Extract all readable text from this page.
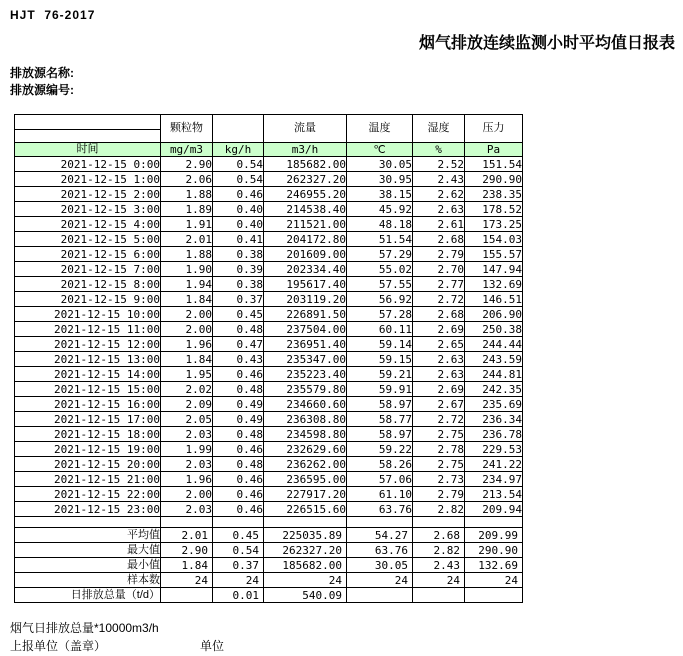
HJT  76-2017
烟气排放连续监测小时平均值日报表
排放源名称:
排放源编号:
	颗粒物		流量	温度	湿度	压力

时间	mg/m3	kg/h	m3/h	℃	%	Pa
2021-12-15 0:00	2.90	0.54	185682.00	30.05	2.52	151.54
2021-12-15 1:00	2.06	0.54	262327.20	30.95	2.43	290.90
2021-12-15 2:00	1.88	0.46	246955.20	38.15	2.62	238.35
2021-12-15 3:00	1.89	0.40	214538.40	45.92	2.63	178.52
2021-12-15 4:00	1.91	0.40	211521.00	48.18	2.61	173.25
2021-12-15 5:00	2.01	0.41	204172.80	51.54	2.68	154.03
2021-12-15 6:00	1.88	0.38	201609.00	57.29	2.79	155.57
2021-12-15 7:00	1.90	0.39	202334.40	55.02	2.70	147.94
2021-12-15 8:00	1.94	0.38	195617.40	57.55	2.77	132.69
2021-12-15 9:00	1.84	0.37	203119.20	56.92	2.72	146.51
2021-12-15 10:00	2.00	0.45	226891.50	57.28	2.68	206.90
2021-12-15 11:00	2.00	0.48	237504.00	60.11	2.69	250.38
2021-12-15 12:00	1.96	0.47	236951.40	59.14	2.65	244.44
2021-12-15 13:00	1.84	0.43	235347.00	59.15	2.63	243.59
2021-12-15 14:00	1.95	0.46	235223.40	59.21	2.63	244.81
2021-12-15 15:00	2.02	0.48	235579.80	59.91	2.69	242.35
2021-12-15 16:00	2.09	0.49	234660.60	58.97	2.67	235.69
2021-12-15 17:00	2.05	0.49	236308.80	58.77	2.72	236.34
2021-12-15 18:00	2.03	0.48	234598.80	58.97	2.75	236.78
2021-12-15 19:00	1.99	0.46	232629.60	59.22	2.78	229.53
2021-12-15 20:00	2.03	0.48	236262.00	58.26	2.75	241.22
2021-12-15 21:00	1.96	0.46	236595.00	57.06	2.73	234.97
2021-12-15 22:00	2.00	0.46	227917.20	61.10	2.79	213.54
2021-12-15 23:00	2.03	0.46	226515.60	63.76	2.82	209.94

平均值	2.01	0.45	225035.89	54.27	2.68	209.99
最大值	2.90	0.54	262327.20	63.76	2.82	290.90
最小值	1.84	0.37	185682.00	30.05	2.43	132.69
样本数	24	24	24	24	24	24
日排放总量（t/d）		0.01	540.09			
烟气日排放总量*10000m3/h
上报单位（盖章）	单位
